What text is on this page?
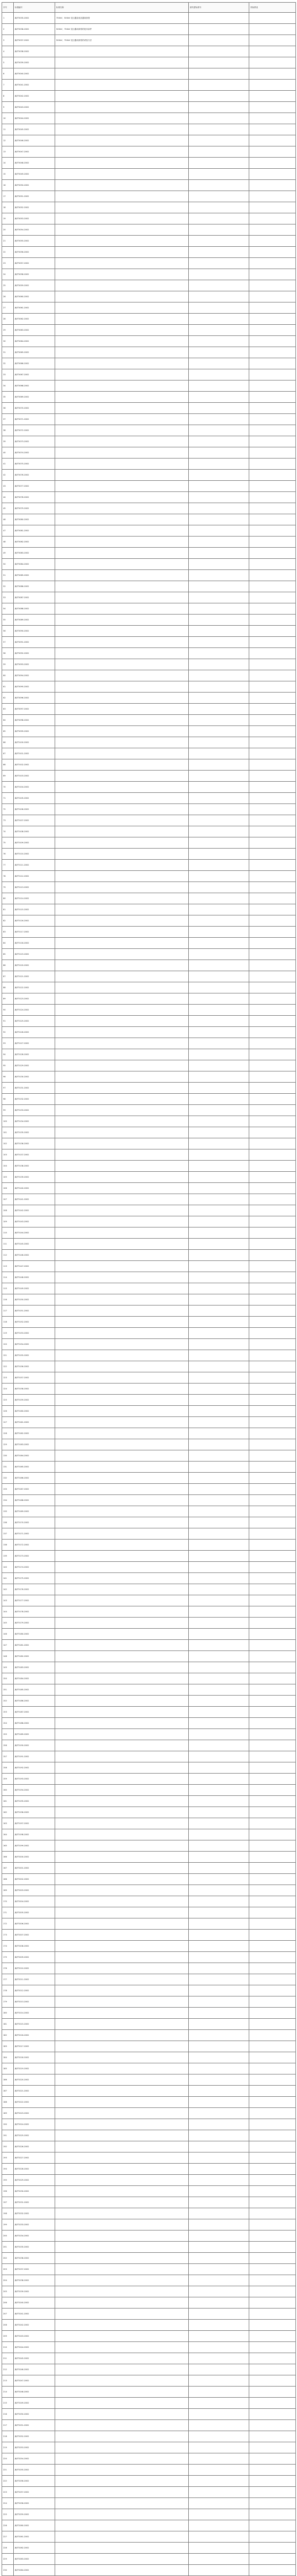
序号	标准编号	标准名称	被代替标准号	采标情况
1	JB/T5035-2002	750kV、500kV 变压器及电抗器用套管		
2	JB/T5036-2002	500kV、750kV 变压器用套管的技术条件		
3	JB/T5037-2002	500kV、750kV 变压器用套管的试验方法		
4	JB/T5038-2002			
5	JB/T5039-2002			
6	JB/T5040-2002			
7	JB/T5041-2002			
8	JB/T5042-2002			
9	JB/T5043-2002			
10	JB/T5044-2002			
11	JB/T5045-2002			
12	JB/T5046-2002			
13	JB/T5047-2002			
14	JB/T5048-2002			
15	JB/T5049-2002			
16	JB/T5050-2002			
17	JB/T5051-2002			
18	JB/T5052-2002			
19	JB/T5053-2002			
20	JB/T5054-2002			
21	JB/T5055-2002			
22	JB/T5056-2002			
23	JB/T5057-2002			
24	JB/T5058-2002			
25	JB/T5059-2002			
26	JB/T5060-2002			
27	JB/T5061-2002			
28	JB/T5062-2002			
29	JB/T5063-2002			
30	JB/T5064-2002			
31	JB/T5065-2002			
32	JB/T5066-2002			
33	JB/T5067-2002			
34	JB/T5068-2002			
35	JB/T5069-2002			
36	JB/T5070-2002			
37	JB/T5071-2002			
38	JB/T5072-2002			
39	JB/T5073-2002			
40	JB/T5074-2002			
41	JB/T5075-2002			
42	JB/T5076-2002			
43	JB/T5077-2002			
44	JB/T5078-2002			
45	JB/T5079-2002			
46	JB/T5080-2002			
47	JB/T5081-2002			
48	JB/T5082-2002			
49	JB/T5083-2002			
50	JB/T5084-2002			
51	JB/T5085-2002			
52	JB/T5086-2002			
53	JB/T5087-2002			
54	JB/T5088-2002			
55	JB/T5089-2002			
56	JB/T5090-2002			
57	JB/T5091-2002			
58	JB/T5092-2002			
59	JB/T5093-2002			
60	JB/T5094-2002			
61	JB/T5095-2002			
62	JB/T5096-2002			
63	JB/T5097-2002			
64	JB/T5098-2002			
65	JB/T5099-2002			
66	JB/T5100-2002			
67	JB/T5101-2002			
68	JB/T5102-2002			
69	JB/T5103-2002			
70	JB/T5104-2002			
71	JB/T5105-2002			
72	JB/T5106-2002			
73	JB/T5107-2002			
74	JB/T5108-2002			
75	JB/T5109-2002			
76	JB/T5110-2002			
77	JB/T5111-2002			
78	JB/T5112-2002			
79	JB/T5113-2002			
80	JB/T5114-2002			
81	JB/T5115-2002			
82	JB/T5116-2002			
83	JB/T5117-2002			
84	JB/T5118-2002			
85	JB/T5119-2002			
86	JB/T5120-2002			
87	JB/T5121-2002			
88	JB/T5122-2002			
89	JB/T5123-2002			
90	JB/T5124-2002			
91	JB/T5125-2002			
92	JB/T5126-2002			
93	JB/T5127-2002			
94	JB/T5128-2002			
95	JB/T5129-2002			
96	JB/T5130-2002			
97	JB/T5131-2002			
98	JB/T5132-2002			
99	JB/T5133-2002			
100	JB/T5134-2002			
101	JB/T5135-2002			
102	JB/T5136-2002			
103	JB/T5137-2002			
104	JB/T5138-2002			
105	JB/T5139-2002			
106	JB/T5140-2002			
107	JB/T5141-2002			
108	JB/T5142-2002			
109	JB/T5143-2002			
110	JB/T5144-2002			
111	JB/T5145-2002			
112	JB/T5146-2002			
113	JB/T5147-2002			
114	JB/T5148-2002			
115	JB/T5149-2002			
116	JB/T5150-2002			
117	JB/T5151-2002			
118	JB/T5152-2002			
119	JB/T5153-2002			
120	JB/T5154-2002			
121	JB/T5155-2002			
122	JB/T5156-2002			
123	JB/T5157-2002			
124	JB/T5158-2002			
125	JB/T5159-2002			
126	JB/T5160-2002			
127	JB/T5161-2002			
128	JB/T5162-2002			
129	JB/T5163-2002			
130	JB/T5164-2002			
131	JB/T5165-2002			
132	JB/T5166-2002			
133	JB/T5167-2002			
134	JB/T5168-2002			
135	JB/T5169-2002			
136	JB/T5170-2002			
137	JB/T5171-2002			
138	JB/T5172-2002			
139	JB/T5173-2002			
140	JB/T5174-2002			
141	JB/T5175-2002			
142	JB/T5176-2002			
143	JB/T5177-2002			
144	JB/T5178-2002			
145	JB/T5179-2002			
146	JB/T5180-2002			
147	JB/T5181-2002			
148	JB/T5182-2002			
149	JB/T5183-2002			
150	JB/T5184-2002			
151	JB/T5185-2002			
152	JB/T5186-2002			
153	JB/T5187-2002			
154	JB/T5188-2002			
155	JB/T5189-2002			
156	JB/T5190-2002			
157	JB/T5191-2002			
158	JB/T5192-2002			
159	JB/T5193-2002			
160	JB/T5194-2002			
161	JB/T5195-2002			
162	JB/T5196-2002			
163	JB/T5197-2002			
164	JB/T5198-2002			
165	JB/T5199-2002			
166	JB/T5200-2002			
167	JB/T5201-2002			
168	JB/T5202-2002			
169	JB/T5203-2002			
170	JB/T5204-2002			
171	JB/T5205-2002			
172	JB/T5206-2002			
173	JB/T5207-2002			
174	JB/T5208-2002			
175	JB/T5209-2002			
176	JB/T5210-2002			
177	JB/T5211-2002			
178	JB/T5212-2002			
179	JB/T5213-2002			
180	JB/T5214-2002			
181	JB/T5215-2002			
182	JB/T5216-2002			
183	JB/T5217-2002			
184	JB/T5218-2002			
185	JB/T5219-2002			
186	JB/T5220-2002			
187	JB/T5221-2002			
188	JB/T5222-2002			
189	JB/T5223-2002			
190	JB/T5224-2002			
191	JB/T5225-2002			
192	JB/T5226-2002			
193	JB/T5227-2002			
194	JB/T5228-2002			
195	JB/T5229-2002			
196	JB/T5230-2002			
197	JB/T5231-2002			
198	JB/T5232-2002			
199	JB/T5233-2002			
200	JB/T5234-2002			
201	JB/T5235-2002			
202	JB/T5236-2002			
203	JB/T5237-2002			
204	JB/T5238-2002			
205	JB/T5239-2002			
206	JB/T5240-2002			
207	JB/T5241-2002			
208	JB/T5242-2002			
209	JB/T5243-2002			
210	JB/T5244-2002			
211	JB/T5245-2002			
212	JB/T5246-2002			
213	JB/T5247-2002			
214	JB/T5248-2002			
215	JB/T5249-2002			
216	JB/T5250-2002			
217	JB/T5251-2002			
218	JB/T5252-2002			
219	JB/T5253-2002			
220	JB/T5254-2002			
221	JB/T5255-2002			
222	JB/T5256-2002			
223	JB/T5257-2002			
224	JB/T5258-2002			
225	JB/T5259-2002			
226	JB/T5260-2002			
227	JB/T5261-2002			
228	JB/T5262-2002			
229	JB/T5263-2002			
230	JB/T5264-2002			
